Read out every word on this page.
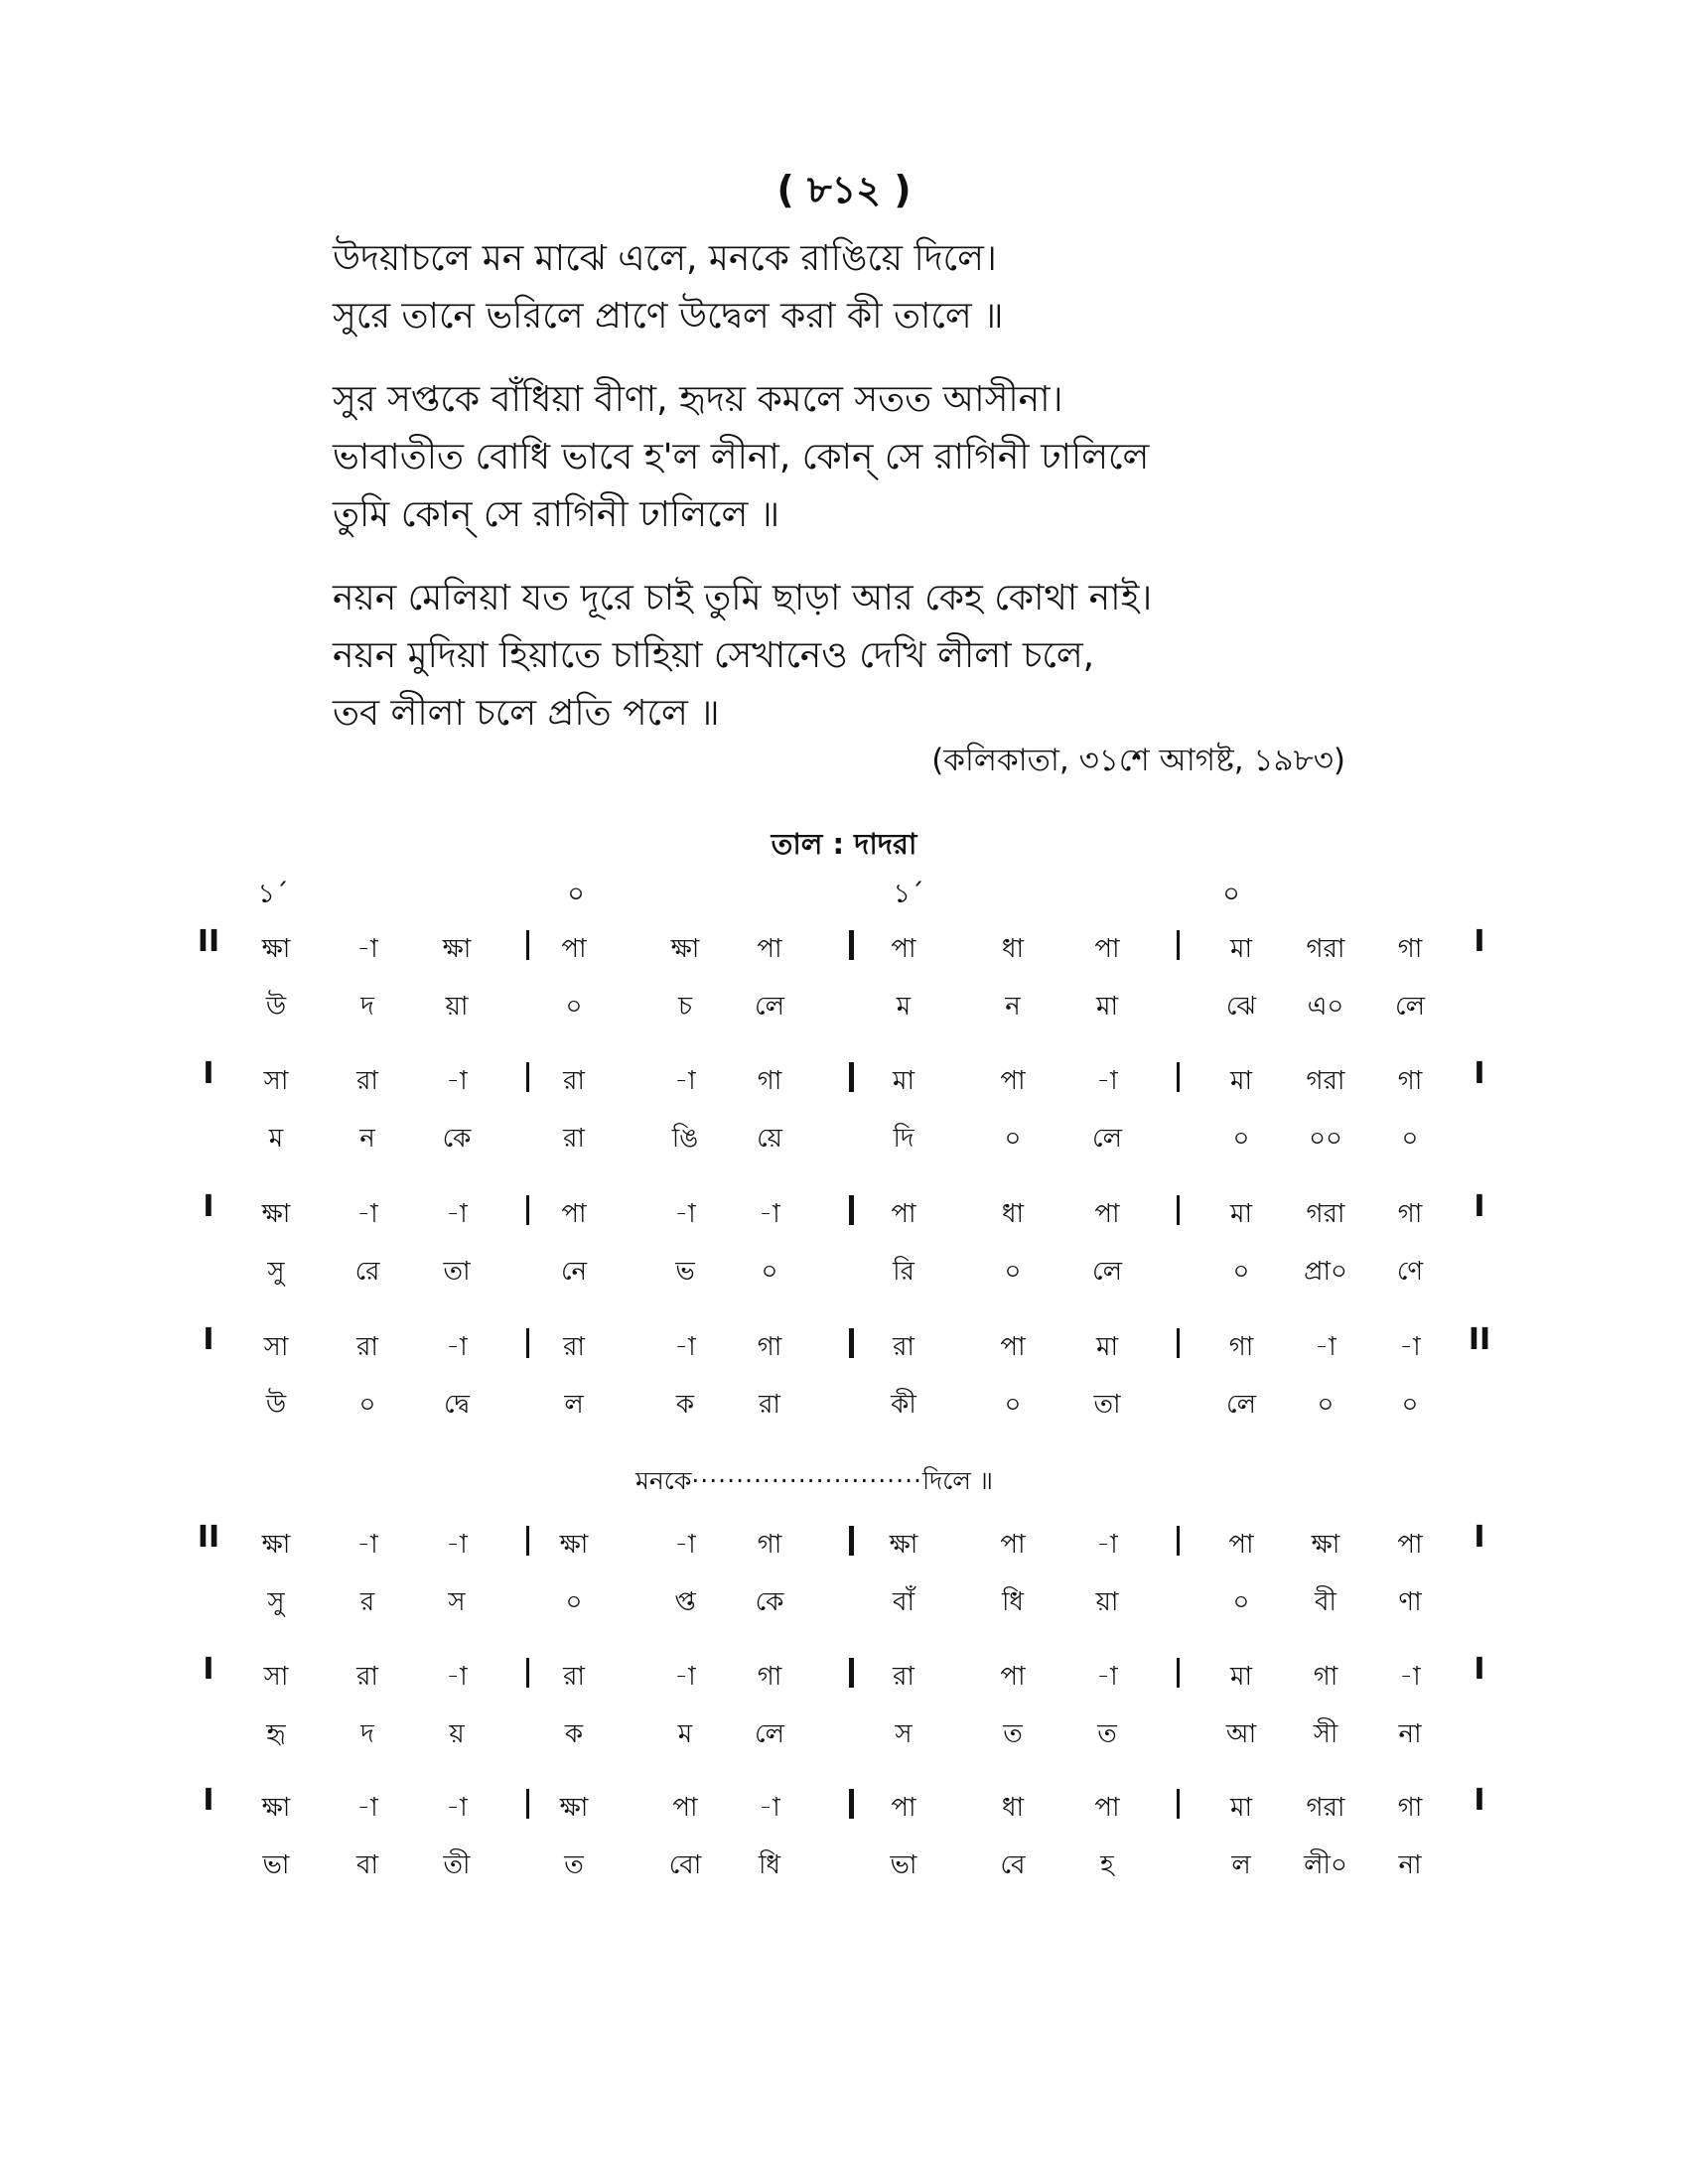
( ৮১২ )
উদয়াচলে মন মাঝে এলে, মনকে রাঙিয়ে দিলে।
সুরে তানে ভরিলে প্রাণে উদ্বেল করা কী তালে ॥
সুর সপ্তকে বাঁধিয়া বীণা, হৃদয় কমলে সতত আসীনা।
ভাবাতীত বোধি ভাবে হ'ল লীনা, কোন্ সে রাগিনী ঢালিলে
তুমি কোন্ সে রাগিনী ঢালিলে ॥
নয়ন মেলিয়া যত দূরে চাই তুমি ছাড়া আর কেহ কোথা নাই।
নয়ন মুদিয়া হিয়াতে চাহিয়া সেখানেও দেখি লীলা চলে,
তব লীলা চলে প্রতি পলে ॥
(কলিকাতা, ৩১শে আগষ্ট, ১৯৮৩)
তাল : দাদরা
১´	০	১´	০
II	I
ক্ষা	-া ক্ষা	পা	ক্ষা পা	পা	ধা	পা	মা গরা গা
উ	দ	য়া	০	চ লে	ম	ন	মা	ঝে এ০ লে
I	I
সা	রা	-া	রা	-া গা	মা	পা	-া	মা গরা গা
ম	ন	কে	রা	ঙি য়ে	দি	০	লে	০ ০০ ০
I	I
ক্ষা	-া	-া	পা	-া -া	পা	ধা	পা	মা গরা গা
সু	রে তা	নে	ভ	০	রি	০	লে	০ প্রা০ ণে
I	II
সা	রা	-া	রা	-া গা	রা	পা	মা	গা -া -া
উ	০	দ্বে	ল	ক রা	কী	০	তা	লে ০	০
II	I
ক্ষা	-া	-া	ক্ষা	-া গা	ক্ষা	পা	-া	পা ক্ষা পা
সু	র	স	০	প্ত কে	বাঁ	ধি	য়া	০	বী ণা
I	I
সা	রা	-া	রা	-া গা	রা	পা	-া	মা গা -া
হৃ	দ	য়	ক	ম লে	স	ত	ত	আ সী না
I	I
ক্ষা	-া	-া	ক্ষা	পা -া	পা	ধা	পা	মা গরা গা
ভা	বা	তী	ত	বো ধি	ভা	বে	হ	ল লী০ না
মনকে··························দিলে ॥
